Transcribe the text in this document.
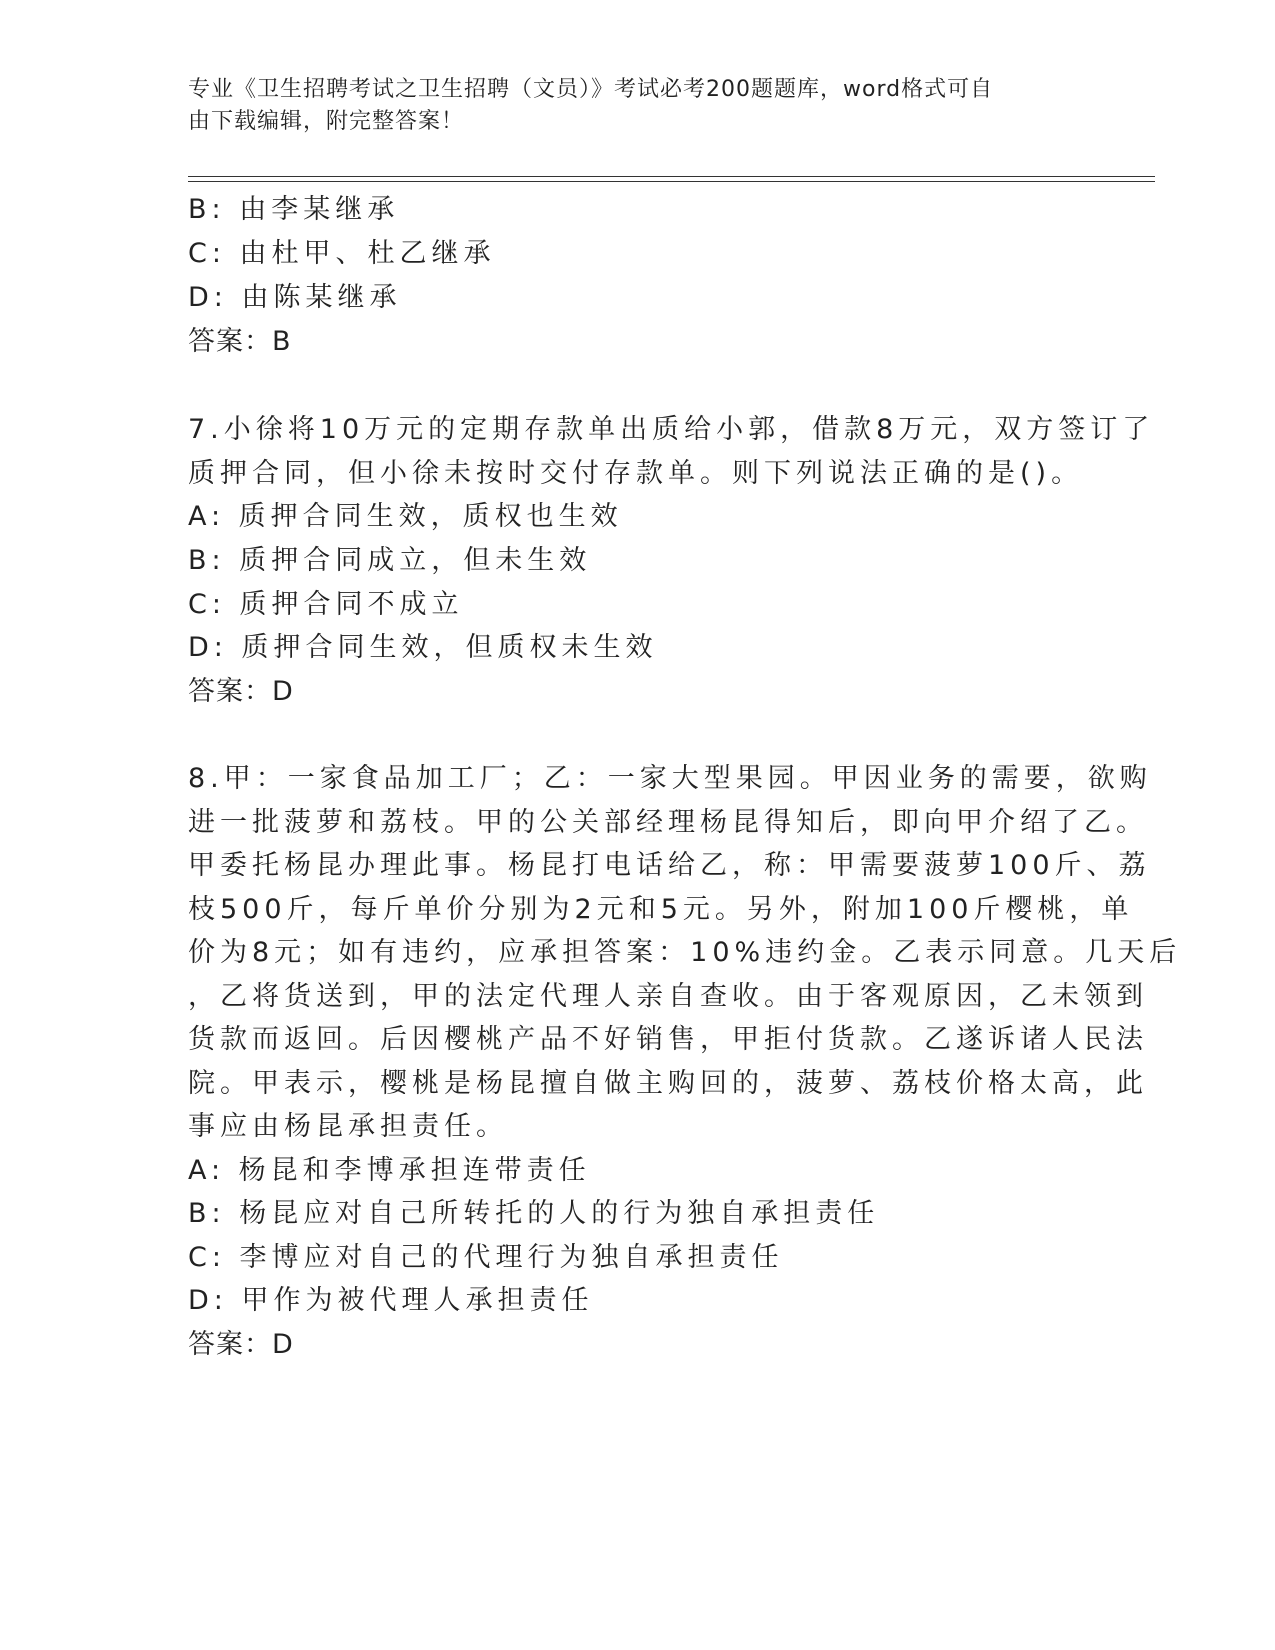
专业《卫生招聘考试之卫生招聘（文员）》考试必考200题题库，word格式可自
由下载编辑，附完整答案！
B: 由李某继承
C: 由杜甲、杜乙继承
D: 由陈某继承
答案：B
7.小徐将10万元的定期存款单出质给小郭，借款8万元，双方签订了
质押合同，但小徐未按时交付存款单。则下列说法正确的是()。
A: 质押合同生效，质权也生效
B: 质押合同成立，但未生效
C: 质押合同不成立
D: 质押合同生效，但质权未生效
答案：D
8.甲：一家食品加工厂；乙：一家大型果园。甲因业务的需要，欲购
进一批菠萝和荔枝。甲的公关部经理杨昆得知后，即向甲介绍了乙。
甲委托杨昆办理此事。杨昆打电话给乙，称：甲需要菠萝100斤、荔
枝500斤，每斤单价分别为2元和5元。另外，附加100斤樱桃，单
价为8元；如有违约，应承担答案：10%违约金。乙表示同意。几天后
，乙将货送到，甲的法定代理人亲自查收。由于客观原因，乙未领到
货款而返回。后因樱桃产品不好销售，甲拒付货款。乙遂诉诸人民法
院。甲表示，樱桃是杨昆擅自做主购回的，菠萝、荔枝价格太高，此
事应由杨昆承担责任。
A: 杨昆和李博承担连带责任
B: 杨昆应对自己所转托的人的行为独自承担责任
C: 李博应对自己的代理行为独自承担责任
D: 甲作为被代理人承担责任
答案：D
